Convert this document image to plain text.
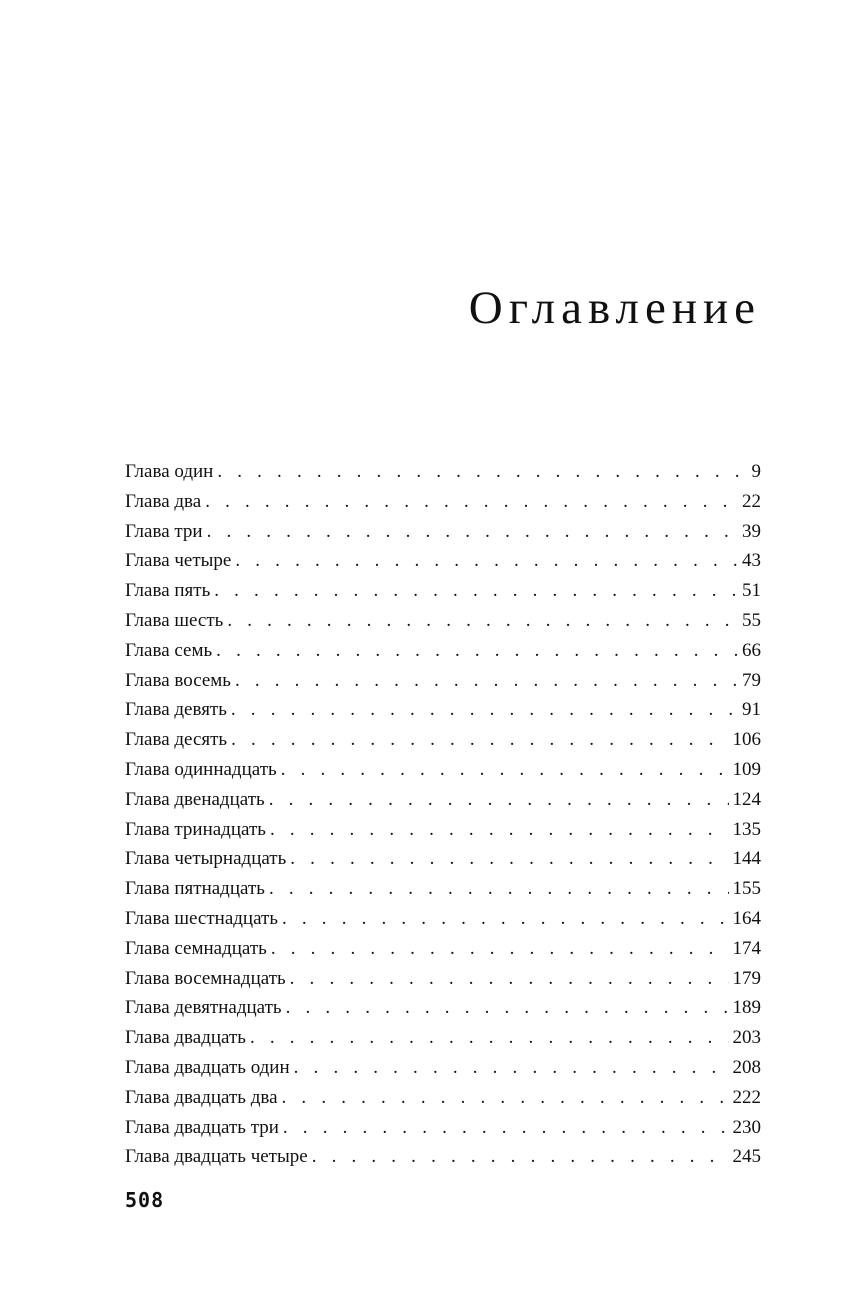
Оглавление
Глава один . . .	9
Глава два . . .	22
Глава три . . .	39
Глава четыре . . .	43
Глава пять . . .	51
Глава шесть . . .	55
Глава семь . . .	66
Глава восемь . . .	79
Глава девять . . .	91
Глава десять . . .	106
Глава одиннадцать . . .	109
Глава двенадцать . . .	124
Глава тринадцать . . .	135
Глава четырнадцать . . .	144
Глава пятнадцать . . .	155
Глава шестнадцать . . .	164
Глава семнадцать . . .	174
Глава восемнадцать . . .	179
Глава девятнадцать . . .	189
Глава двадцать . . .	203
Глава двадцать один . . .	208
Глава двадцать два . . .	222
Глава двадцать три . . .	230
Глава двадцать четыре . . .	245
508
